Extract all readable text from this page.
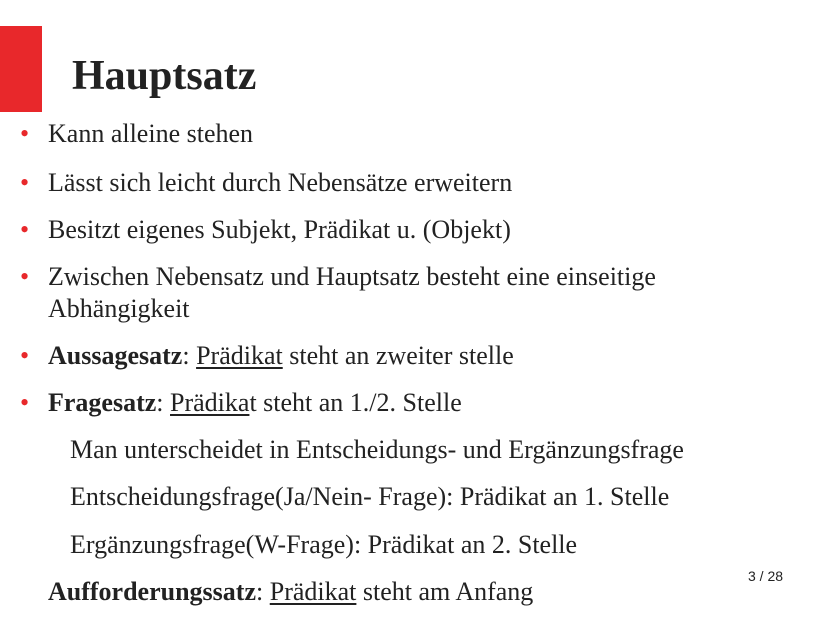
Hauptsatz
• Kann alleine stehen
• Lässt sich leicht durch Nebensätze erweitern
• Besitzt eigenes Subjekt, Prädikat u. (Objekt)
• Zwischen Nebensatz und Hauptsatz besteht eine einseitige
Abhängigkeit
• Aussagesatz: Prädikat steht an zweiter stelle
• Fragesatz: Prädikat steht an 1./2. Stelle
Man unterscheidet in Entscheidungs- und Ergänzungsfrage
Entscheidungsfrage(Ja/Nein- Frage): Prädikat an 1. Stelle
Ergänzungsfrage(W-Frage): Prädikat an 2. Stelle
Aufforderungssatz: Prädikat steht am Anfang
3 / 28
